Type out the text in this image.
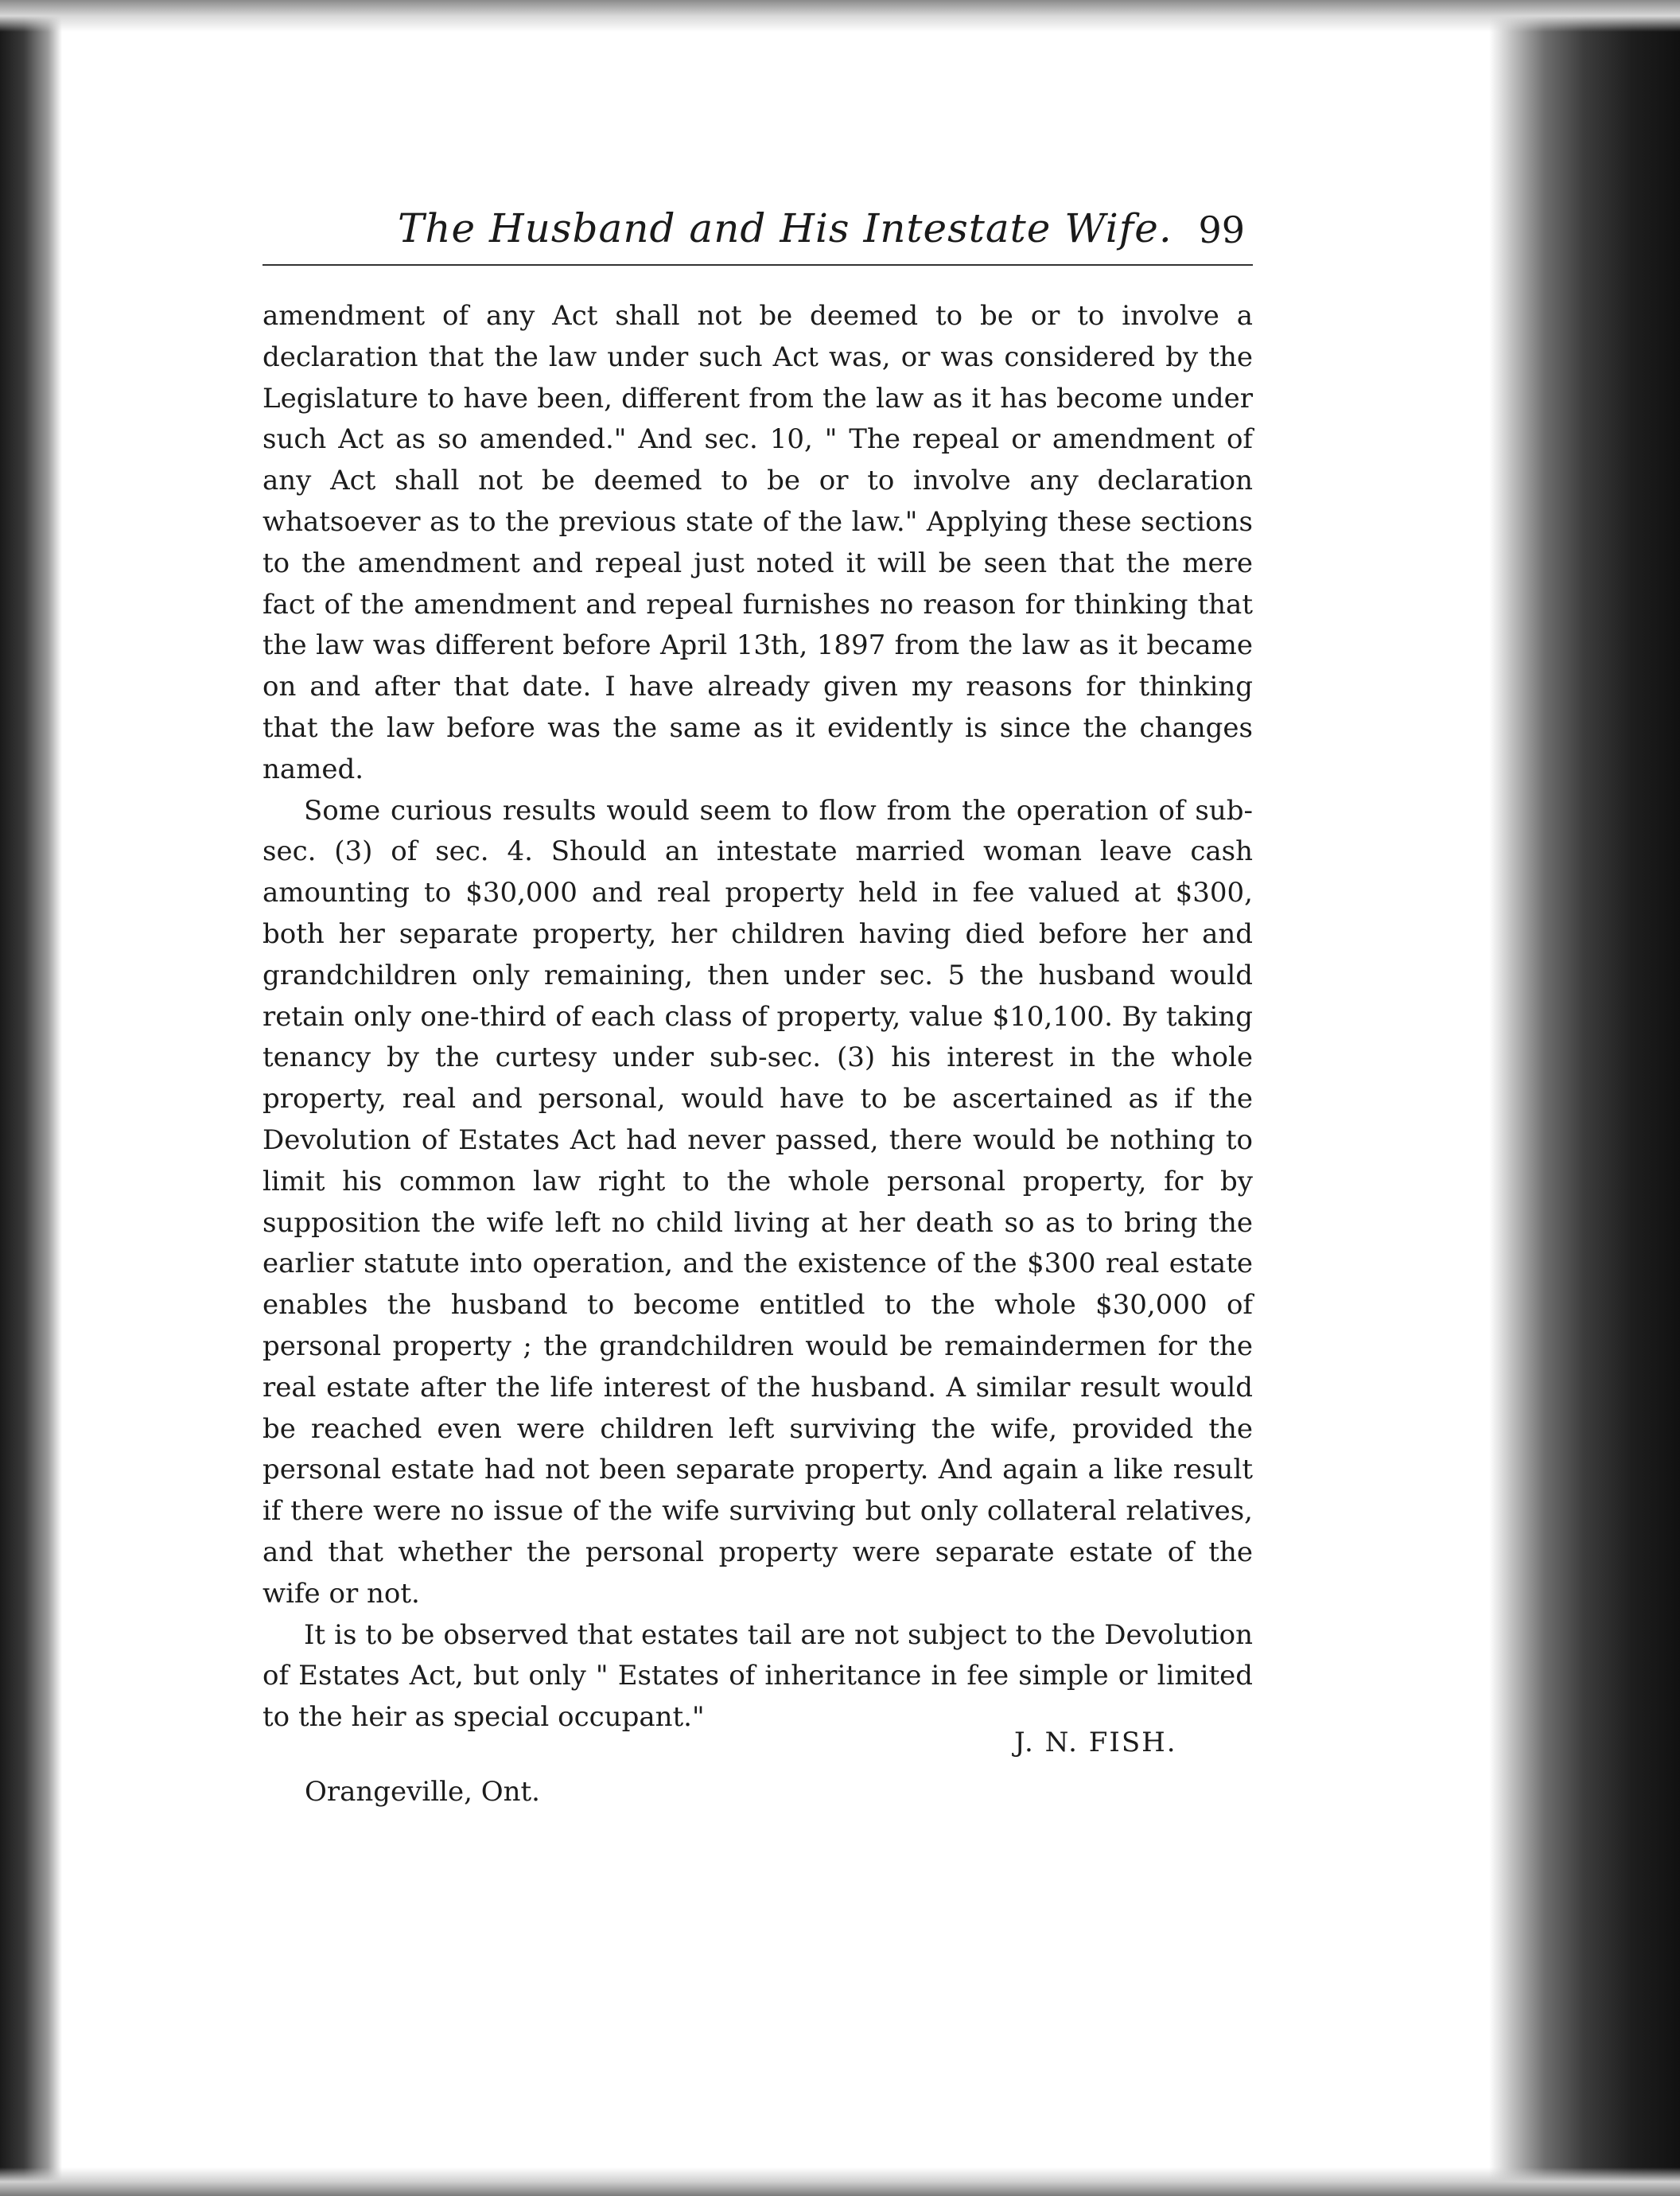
The Husband and His Intestate Wife. 99

amendment of any Act shall not be deemed to be or to involve a declaration that the law under such Act was, or was considered by the Legislature to have been, different from the law as it has become under such Act as so amended." And sec. 10, " The repeal or amendment of any Act shall not be deemed to be or to involve any declaration whatsoever as to the previous state of the law." Applying these sections to the amendment and repeal just noted it will be seen that the mere fact of the amendment and repeal furnishes no reason for thinking that the law was different before April 13th, 1897 from the law as it became on and after that date. I have already given my reasons for thinking that the law before was the same as it evidently is since the changes named.

Some curious results would seem to flow from the operation of sub-sec. (3) of sec. 4. Should an intestate married woman leave cash amounting to $30,000 and real property held in fee valued at $300, both her separate property, her children having died before her and grandchildren only remaining, then under sec. 5 the husband would retain only one-third of each class of property, value $10,100. By taking tenancy by the curtesy under sub-sec. (3) his interest in the whole property, real and personal, would have to be ascertained as if the Devolution of Estates Act had never passed, there would be nothing to limit his common law right to the whole personal property, for by supposition the wife left no child living at her death so as to bring the earlier statute into operation, and the existence of the $300 real estate enables the husband to become entitled to the whole $30,000 of personal property ; the grandchildren would be remaindermen for the real estate after the life interest of the husband. A similar result would be reached even were children left surviving the wife, provided the personal estate had not been separate property. And again a like result if there were no issue of the wife surviving but only collateral relatives, and that whether the personal property were separate estate of the wife or not.

It is to be observed that estates tail are not subject to the Devolution of Estates Act, but only " Estates of inheritance in fee simple or limited to the heir as special occupant."

J. N. FISH.
Orangeville, Ont.
